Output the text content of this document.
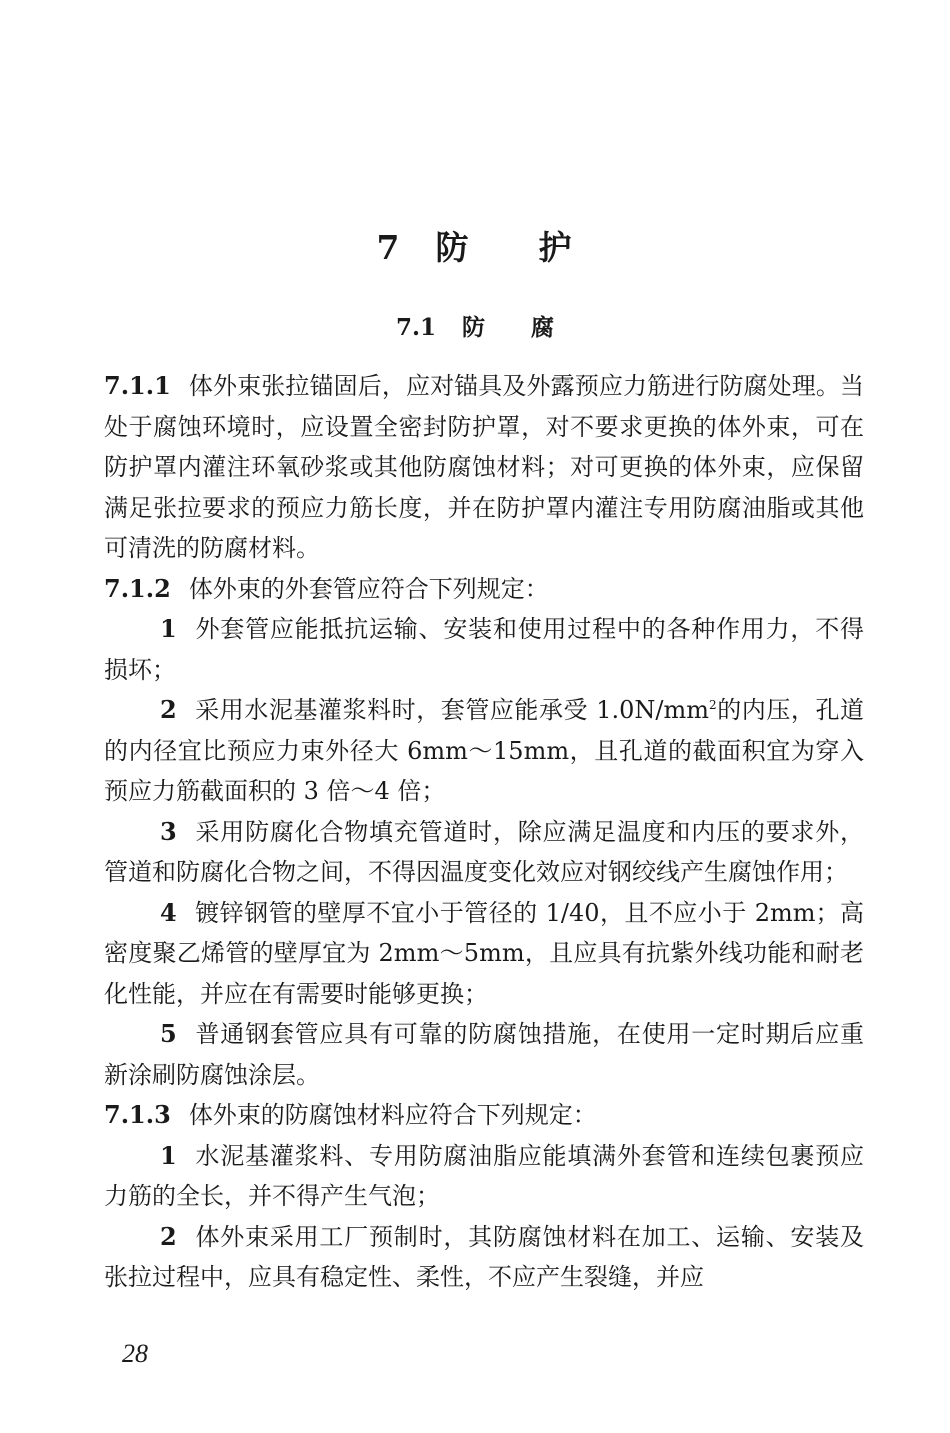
7 防 护
7.1 防 腐

7.1.1 体外束张拉锚固后，应对锚具及外露预应力筋进行防腐处理。当处于腐蚀环境时，应设置全密封防护罩，对不要求更换的体外束，可在防护罩内灌注环氧砂浆或其他防腐蚀材料；对可更换的体外束，应保留满足张拉要求的预应力筋长度，并在防护罩内灌注专用防腐油脂或其他可清洗的防腐材料。

7.1.2 体外束的外套管应符合下列规定：

1 外套管应能抵抗运输、安装和使用过程中的各种作用力，不得损坏；

2 采用水泥基灌浆料时，套管应能承受 $1.0N/mm^2$的内压，孔道的内径宜比预应力束外径大 6mm～15mm，且孔道的截面积宜为穿入预应力筋截面积的 3 倍～4 倍；

3 采用防腐化合物填充管道时，除应满足温度和内压的要求外，管道和防腐化合物之间，不得因温度变化效应对钢绞线产生腐蚀作用；

4 镀锌钢管的壁厚不宜小于管径的 1/40，且不应小于 2mm；高密度聚乙烯管的壁厚宜为 2mm～5mm，且应具有抗紫外线功能和耐老化性能，并应在有需要时能够更换；

5 普通钢套管应具有可靠的防腐蚀措施，在使用一定时期后应重新涂刷防腐蚀涂层。

7.1.3 体外束的防腐蚀材料应符合下列规定：

1 水泥基灌浆料、专用防腐油脂应能填满外套管和连续包裹预应力筋的全长，并不得产生气泡；

2 体外束采用工厂预制时，其防腐蚀材料在加工、运输、安装及张拉过程中，应具有稳定性、柔性，不应产生裂缝，并应

28
